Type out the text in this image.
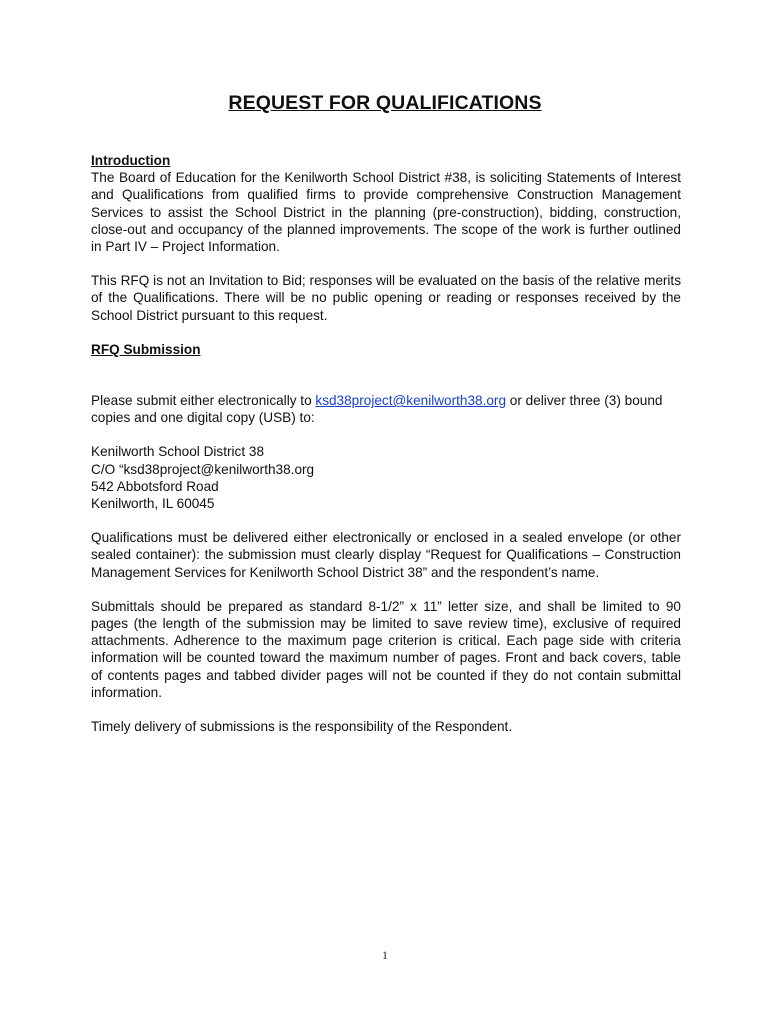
REQUEST FOR QUALIFICATIONS

Introduction

The Board of Education for the Kenilworth School District #38, is soliciting Statements of Interest and Qualifications from qualified firms to provide comprehensive Construction Management Services to assist the School District in the planning (pre-construction), bidding, construction, close-out and occupancy of the planned improvements. The scope of the work is further outlined in Part IV – Project Information.

This RFQ is not an Invitation to Bid; responses will be evaluated on the basis of the relative merits of the Qualifications. There will be no public opening or reading or responses received by the School District pursuant to this request.

RFQ Submission

Please submit either electronically to ksd38project@kenilworth38.org or deliver three (3) bound copies and one digital copy (USB) to:

Kenilworth School District 38

C/O “ksd38project@kenilworth38.org

542 Abbotsford Road

Kenilworth, IL 60045

Qualifications must be delivered either electronically or enclosed in a sealed envelope (or other sealed container): the submission must clearly display “Request for Qualifications – Construction Management Services for Kenilworth School District 38” and the respondent’s name.

Submittals should be prepared as standard 8-1/2” x 11” letter size, and shall be limited to 90 pages (the length of the submission may be limited to save review time), exclusive of required attachments. Adherence to the maximum page criterion is critical. Each page side with criteria information will be counted toward the maximum number of pages. Front and back covers, table of contents pages and tabbed divider pages will not be counted if they do not contain submittal information.

Timely delivery of submissions is the responsibility of the Respondent.

1
